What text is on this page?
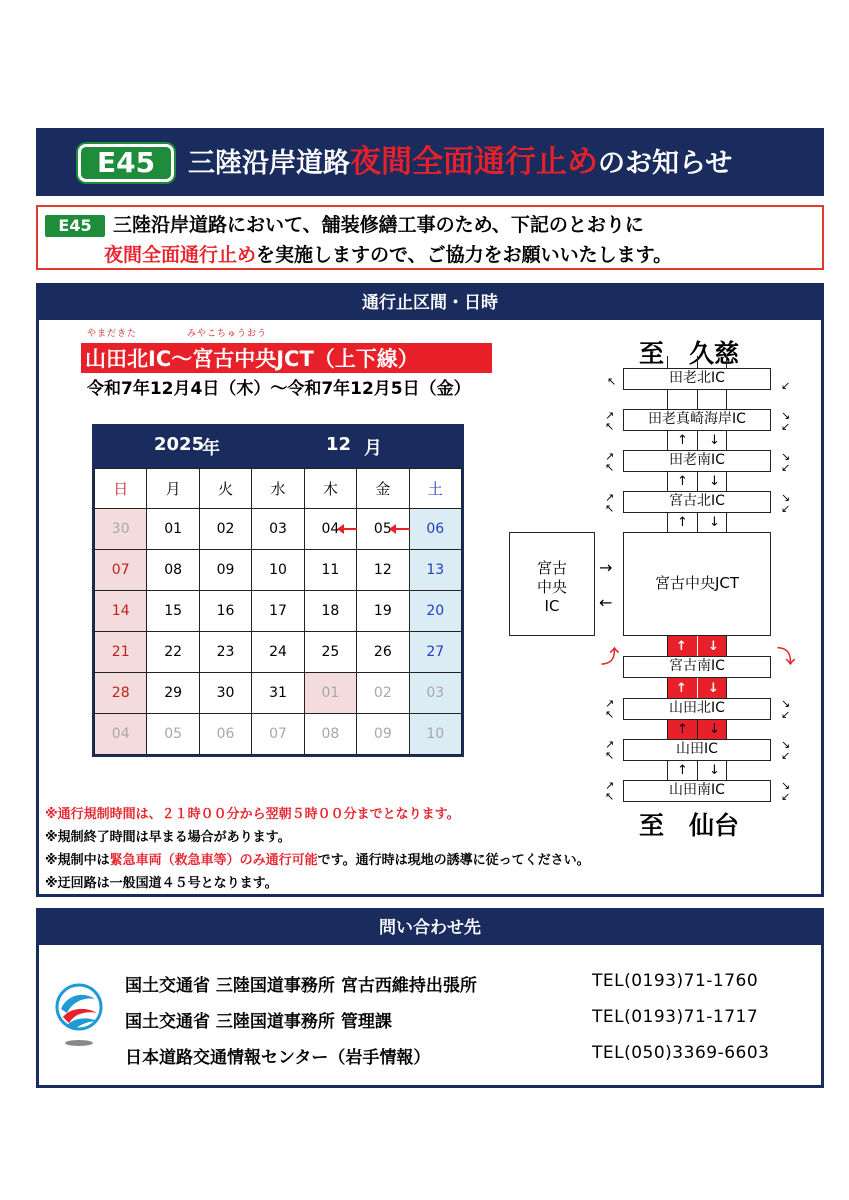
E45	三陸沿岸道路夜間全面通行止めのお知らせ
E45	三陸沿岸道路において、舗装修繕工事のため、下記のとおりに
夜間全面通行止めを実施しますので、ご協力をお願いいたします。
通行止区間・日時
やまだきた　　　　　みやこちゅうおう
山田北IC～宮古中央JCT（上下線）
令和7年12月4日（木）～令和7年12月5日（金）
2025
年	12 月
日	月	火	水	木	金	土
30	01	02	03	04	05	06
07	08	09	10	11	12	13
14	15	16	17	18	19	20
21	22	23	24	25	26	27
28	29	30	31	01	02	03
04	05	06	07	08	09	10
※通行規制時間は、２１時００分から翌朝５時００分までとなります。
※規制終了時間は早まる場合があります。
※規制中は緊急車両（救急車等）のみ通行可能です。通行時は現地の誘導に従ってください。
※迂回路は一般国道４５号となります。
至　久慈
田老北IC
田老真崎海岸IC
田老南IC
宮古北IC
↑ ↓
↑ ↓
↑ ↓
↖	↙
↗
↖
↘
↙
↗
↖
↘
↙
↗
↖
↘
↙
宮古中央JCT
宮古
中央
IC
→
←
↑ ↓
↑ ↓
宮古南IC
⤴	⤵
山田北IC
山田IC
山田南IC
↑ ↓
↑ ↓
↗
↖
↘
↙
↗
↖
↘
↙
↗
↖
↘
↙
至　仙台
問い合わせ先
国土交通省 三陸国道事務所 宮古西維持出張所	TEL(0193)71-1760
国土交通省 三陸国道事務所 管理課	TEL(0193)71-1717
日本道路交通情報センター（岩手情報）	TEL(050)3369-6603
